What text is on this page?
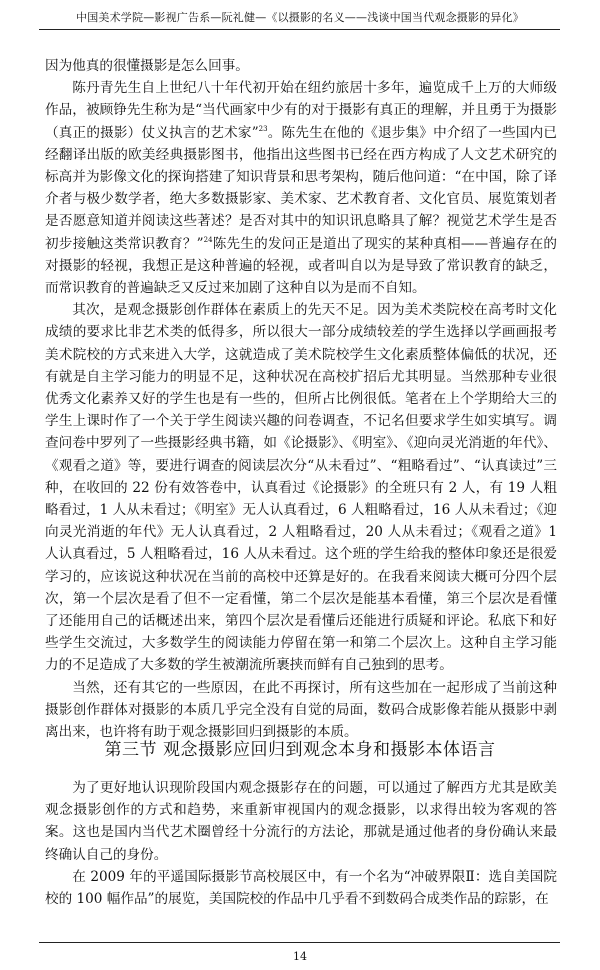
中国美术学院—影视广告系—阮礼健—《以摄影的名义——浅谈中国当代观念摄影的异化》

因为他真的很懂摄影是怎么回事。

陈丹青先生自上世纪八十年代初开始在纽约旅居十多年，遍览成千上万的大师级作品，被顾铮先生称为是“当代画家中少有的对于摄影有真正的理解，并且勇于为摄影（真正的摄影）仗义执言的艺术家”$^{23}$。陈先生在他的《退步集》中介绍了一些国内已经翻译出版的欧美经典摄影图书，他指出这些图书已经在西方构成了人文艺术研究的标高并为影像文化的探询搭建了知识背景和思考架构，随后他问道：“在中国，除了译介者与极少数学者，绝大多数摄影家、美术家、艺术教育者、文化官员、展览策划者是否愿意知道并阅读这些著述？是否对其中的知识讯息略具了解？视觉艺术学生是否初步接触这类常识教育？”$^{24}$陈先生的发问正是道出了现实的某种真相——普遍存在的对摄影的轻视，我想正是这种普遍的轻视，或者叫自以为是导致了常识教育的缺乏，而常识教育的普遍缺乏又反过来加剧了这种自以为是而不自知。

其次，是观念摄影创作群体在素质上的先天不足。因为美术类院校在高考时文化成绩的要求比非艺术类的低得多，所以很大一部分成绩较差的学生选择以学画画报考美术院校的方式来进入大学，这就造成了美术院校学生文化素质整体偏低的状况，还有就是自主学习能力的明显不足，这种状况在高校扩招后尤其明显。当然那种专业很优秀文化素养又好的学生也是有一些的，但所占比例很低。笔者在上个学期给大三的学生上课时作了一个关于学生阅读兴趣的问卷调查，不记名但要求学生如实填写。调查问卷中罗列了一些摄影经典书籍，如《论摄影》、《明室》、《迎向灵光消逝的年代》、《观看之道》等，要进行调查的阅读层次分“从未看过”、“粗略看过”、“认真读过”三种，在收回的 22 份有效答卷中，认真看过《论摄影》的全班只有 2 人，有 19 人粗略看过，1 人从未看过；《明室》无人认真看过，6 人粗略看过，16 人从未看过；《迎向灵光消逝的年代》无人认真看过，2 人粗略看过，20 人从未看过；《观看之道》1 人认真看过，5 人粗略看过，16 人从未看过。这个班的学生给我的整体印象还是很爱学习的，应该说这种状况在当前的高校中还算是好的。在我看来阅读大概可分四个层次，第一个层次是看了但不一定看懂，第二个层次是能基本看懂，第三个层次是看懂了还能用自己的话概述出来，第四个层次是看懂后还能进行质疑和评论。私底下和好些学生交流过，大多数学生的阅读能力停留在第一和第二个层次上。这种自主学习能力的不足造成了大多数的学生被潮流所裹挟而鲜有自己独到的思考。

当然，还有其它的一些原因，在此不再探讨，所有这些加在一起形成了当前这种摄影创作群体对摄影的本质几乎完全没有自觉的局面，数码合成影像若能从摄影中剥离出来，也许将有助于观念摄影回归到摄影的本质。

第三节 观念摄影应回归到观念本身和摄影本体语言

为了更好地认识现阶段国内观念摄影存在的问题，可以通过了解西方尤其是欧美观念摄影创作的方式和趋势，来重新审视国内的观念摄影，以求得出较为客观的答案。这也是国内当代艺术圈曾经十分流行的方法论，那就是通过他者的身份确认来最终确认自己的身份。

在 2009 年的平遥国际摄影节高校展区中，有一个名为“冲破界限Ⅱ：选自美国院校的 100 幅作品”的展览，美国院校的作品中几乎看不到数码合成类作品的踪影，在

14
